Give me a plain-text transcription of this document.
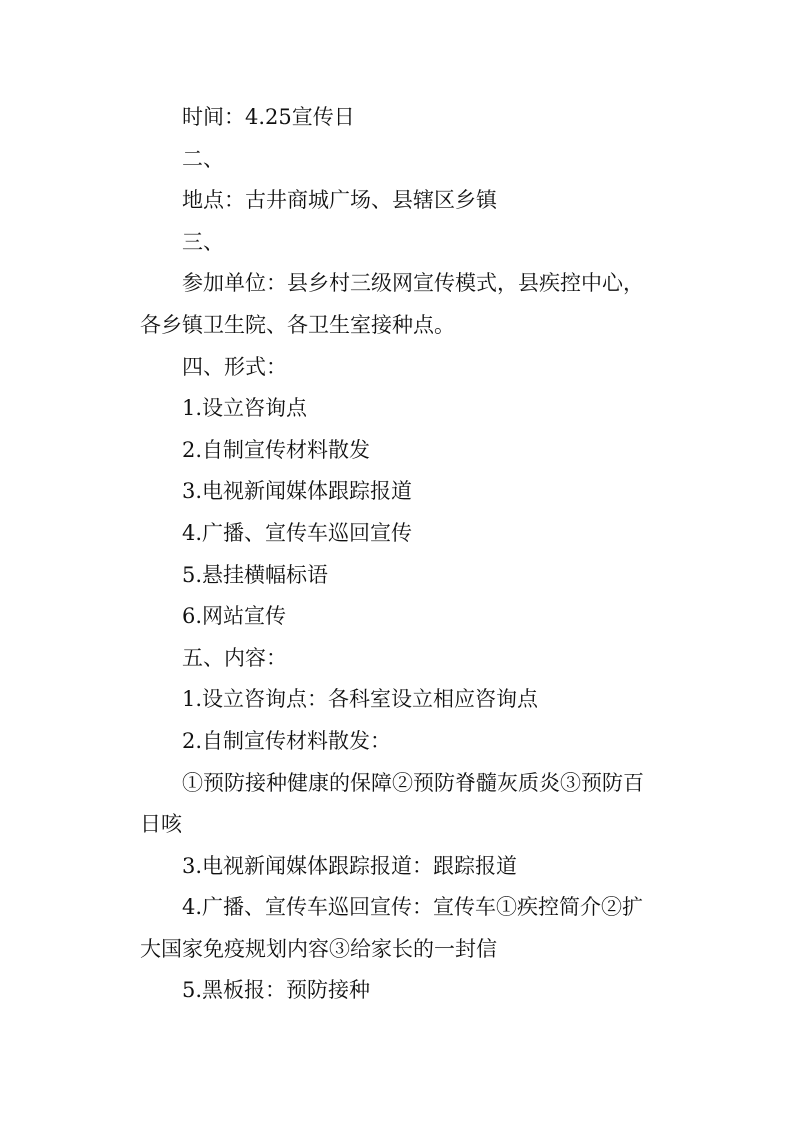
时间：4.25宣传日

二、

地点：古井商城广场、县辖区乡镇

三、

参加单位：县乡村三级网宣传模式，县疾控中心，各乡镇卫生院、各卫生室接种点。

四、形式：

1.设立咨询点

2.自制宣传材料散发

3.电视新闻媒体跟踪报道

4.广播、宣传车巡回宣传

5.悬挂横幅标语

6.网站宣传

五、内容：

1.设立咨询点：各科室设立相应咨询点

2.自制宣传材料散发：

①预防接种健康的保障②预防脊髓灰质炎③预防百日咳

3.电视新闻媒体跟踪报道：跟踪报道

4.广播、宣传车巡回宣传：宣传车①疾控简介②扩大国家免疫规划内容③给家长的一封信

5.黑板报：预防接种
